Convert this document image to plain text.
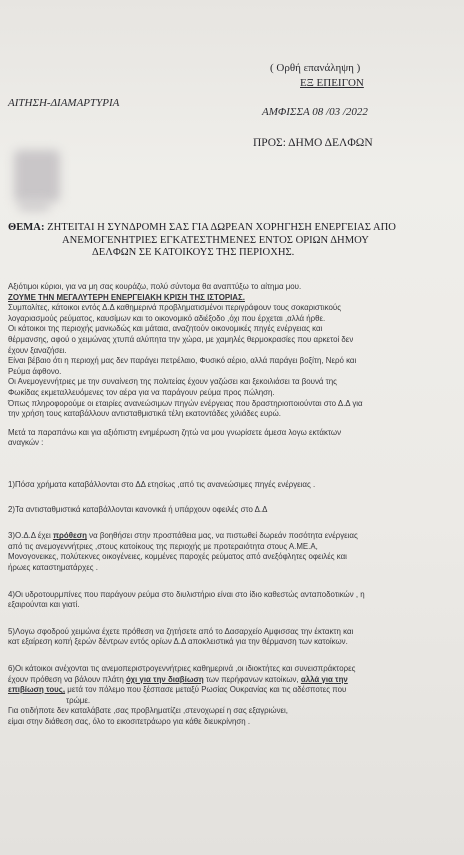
( Ορθή επανάληψη )
ΕΞ ΕΠΕΙΓΟΝ
ΑΙΤΗΣΗ-ΔΙΑΜΑΡΤΥΡΙΑ
ΑΜΦΙΣΣΑ 08 /03 /2022
ΠΡΟΣ: ΔΗΜΟ ΔΕΛΦΩΝ
ΘΕΜΑ: ΖΗΤΕΙΤΑΙ Η ΣΥΝΔΡΟΜΗ ΣΑΣ ΓΙΑ ΔΩΡΕΑΝ ΧΟΡΗΓΗΣΗ ΕΝΕΡΓΕΙΑΣ ΑΠΟ
ΑΝΕΜΟΓΕΝΗΤΡΙΕΣ ΕΓΚΑΤΕΣΤΗΜΕΝΕΣ ΕΝΤΟΣ ΟΡΙΩΝ ΔΗΜΟΥ
ΔΕΛΦΩΝ ΣΕ ΚΑΤΟΙΚΟΥΣ ΤΗΣ ΠΕΡΙΟΧΗΣ.
Αξιότιμοι κύριοι, για να μη σας κουράζω, πολύ σύντομα θα αναπτύξω το αίτημα μου.
ΖΟΥΜΕ ΤΗΝ ΜΕΓΑΛΥΤΕΡΗ ΕΝΕΡΓΕΙΑΚΗ ΚΡΙΣΗ ΤΗΣ ΙΣΤΟΡΙΑΣ.
Συμπολίτες, κάτοικοι εντός Δ.Δ καθημερινά προβληματισμένοι περιγράφουν τους σοκαριστικούς
λογαριασμούς ρεύματος, καυσίμων και το οικονομικό αδιέξοδο ,όχι που έρχεται ,αλλά ήρθε.
Οι κάτοικοι της περιοχής μανιωδώς και μάταια, αναζητούν οικονομικές πηγές ενέργειας και
θέρμανσης, αφού ο χειμώνας χτυπά αλύπητα την χώρα, με χαμηλές θερμοκρασίες που αρκετοί δεν
έχουν ξαναζήσει.
Είναι βέβαιο ότι η περιοχή μας δεν παράγει πετρέλαιο, Φυσικό αέριο, αλλά παράγει βοξίτη, Νερό και
Ρεύμα άφθονο.
Οι Ανεμογεννήτριες με την συναίνεση της πολιτείας έχουν γαζώσει και ξεκοιλιάσει τα βουνά της
Φωκίδας εκμεταλλευόμενες τον αέρα για να παράγουν ρεύμα προς πώληση.
Όπως πληροφορούμε οι εταιρίες ανανεώσιμων πηγών ενέργειας που δραστηριοποιούνται στο Δ.Δ για
την χρήση τους καταβάλλουν αντισταθμιστικά τέλη εκατοντάδες χιλιάδες ευρώ.
Μετά τα παραπάνω και για αξιόπιστη ενημέρωση ζητώ να μου γνωρίσετε άμεσα λογω εκτάκτων
αναγκών :
1)Πόσα χρήματα καταβάλλονται στο ΔΔ ετησίως ,από τις ανανεώσιμες πηγές ενέργειας .
2)Τα αντισταθμιστικά καταβάλλονται κανονικά ή υπάρχουν οφειλές στο Δ.Δ
3)Ο.Δ.Δ έχει πρόθεση να βοηθήσει στην προσπάθεια μας, να πιστωθεί δωρεάν ποσότητα ενέργειας
από τις ανεμογεννήτριες ,στους κατοίκους της περιοχής με προτεραιότητα στους Α.ΜΕ.Α,
Μονογονεικες, πολύτεκνες οικογένειες, κομμένες παροχές ρεύματος από ανεξόφλητες οφειλές και
ήρωες καταστηματάρχες .
4)Οι υδροτουρμπίνες που παράγουν ρεύμα στο διυλιστήριο είναι στο ίδιο καθεστώς ανταποδοτικών , η
εξαιρούνται και γιατί.
5)Λογω σφοδρού χειμώνα έχετε πρόθεση να ζητήσετε από το Δασαρχείο Αμφισσας την έκτακτη και
κατ εξαίρεση κοπή ξερών δέντρων εντός ορίων Δ.Δ αποκλειστικά για την θέρμανση των κατοίκων.
6)Οι κάτοικοι ανέχονται τις ανεμοπεριστρογεννήτριες καθημερινά ,οι ιδιοκτήτες και συνεισπράκτορες
έχουν πρόθεση να βάλουν πλάτη όχι για την διαβίωση των περήφανων κατοίκων, αλλά για την
επιβίωση τους, μετά τον πόλεμο που ξέσπασε μεταξύ Ρωσίας Ουκρανίας και τις αδέσποτες που
τρώμε.
Για οτιδήποτε δεν καταλάβατε ,σας προβληματίζει ,στενοχωρεί η σας εξαγριώνει,
είμαι στην διάθεση σας, όλο το εικοσιτετράωρο για κάθε διευκρίνηση .
